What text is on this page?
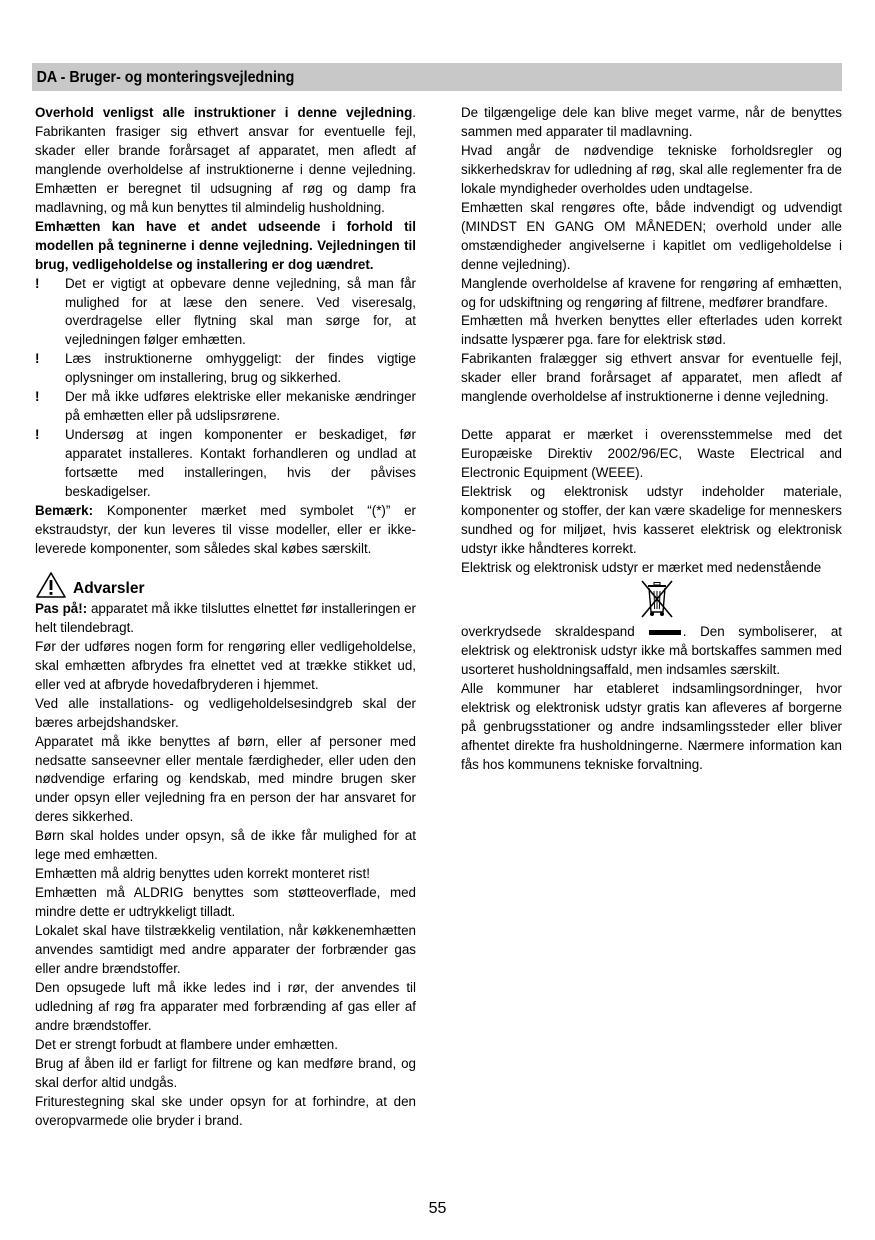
DA - Bruger- og monteringsvejledning

Overhold venligst alle instruktioner i denne vejledning. Fabrikanten frasiger sig ethvert ansvar for eventuelle fejl, skader eller brande forårsaget af apparatet, men afledt af manglende overholdelse af instruktionerne i denne vejledning. Emhætten er beregnet til udsugning af røg og damp fra madlavning, og må kun benyttes til almindelig husholdning.

Emhætten kan have et andet udseende i forhold til modellen på tegninerne i denne vejledning. Vejledningen til brug, vedligeholdelse og installering er dog uændret.

! Det er vigtigt at opbevare denne vejledning, så man får mulighed for at læse den senere. Ved viseresalg, overdragelse eller flytning skal man sørge for, at vejledningen følger emhætten.
! Læs instruktionerne omhyggeligt: der findes vigtige oplysninger om installering, brug og sikkerhed.
! Der må ikke udføres elektriske eller mekaniske ændringer på emhætten eller på udslipsrørene.
! Undersøg at ingen komponenter er beskadiget, før apparatet installeres. Kontakt forhandleren og undlad at fortsætte med installeringen, hvis der påvises beskadigelser.

Bemærk: Komponenter mærket med symbolet “(*)” er ekstraudstyr, der kun leveres til visse modeller, eller er ikke-leverede komponenter, som således skal købes særskilt.

Advarsler

Pas på!: apparatet må ikke tilsluttes elnettet før installeringen er helt tilendebragt.

Før der udføres nogen form for rengøring eller vedligeholdelse, skal emhætten afbrydes fra elnettet ved at trække stikket ud, eller ved at afbryde hovedafbryderen i hjemmet.

Ved alle installations- og vedligeholdelsesindgreb skal der bæres arbejdshandsker.

Apparatet må ikke benyttes af børn, eller af personer med nedsatte sanseevner eller mentale færdigheder, eller uden den nødvendige erfaring og kendskab, med mindre brugen sker under opsyn eller vejledning fra en person der har ansvaret for deres sikkerhed.

Børn skal holdes under opsyn, så de ikke får mulighed for at lege med emhætten.

Emhætten må aldrig benyttes uden korrekt monteret rist!

Emhætten må ALDRIG benyttes som støtteoverflade, med mindre dette er udtrykkeligt tilladt.

Lokalet skal have tilstrækkelig ventilation, når køkkenemhætten anvendes samtidigt med andre apparater der forbrænder gas eller andre brændstoffer.

Den opsugede luft må ikke ledes ind i rør, der anvendes til udledning af røg fra apparater med forbrænding af gas eller af andre brændstoffer.

Det er strengt forbudt at flambere under emhætten.

Brug af åben ild er farligt for filtrene og kan medføre brand, og skal derfor altid undgås.

Friturestegning skal ske under opsyn for at forhindre, at den overopvarmede olie bryder i brand.

De tilgængelige dele kan blive meget varme, når de benyttes sammen med apparater til madlavning.

Hvad angår de nødvendige tekniske forholdsregler og sikkerhedskrav for udledning af røg, skal alle reglementer fra de lokale myndigheder overholdes uden undtagelse.

Emhætten skal rengøres ofte, både indvendigt og udvendigt (MINDST EN GANG OM MÅNEDEN; overhold under alle omstændigheder angivelserne i kapitlet om vedligeholdelse i denne vejledning).

Manglende overholdelse af kravene for rengøring af emhætten, og for udskiftning og rengøring af filtrene, medfører brandfare.

Emhætten må hverken benyttes eller efterlades uden korrekt indsatte lyspærer pga. fare for elektrisk stød.

Fabrikanten fralægger sig ethvert ansvar for eventuelle fejl, skader eller brand forårsaget af apparatet, men afledt af manglende overholdelse af instruktionerne i denne vejledning.

Dette apparat er mærket i overensstemmelse med det Europæiske Direktiv 2002/96/EC, Waste Electrical and Electronic Equipment (WEEE).

Elektrisk og elektronisk udstyr indeholder materiale, komponenter og stoffer, der kan være skadelige for menneskers sundhed og for miljøet, hvis kasseret elektrisk og elektronisk udstyr ikke håndteres korrekt.

Elektrisk og elektronisk udstyr er mærket med nedenstående

overkrydsede skraldespand	. Den symboliserer, at elektrisk og elektronisk udstyr ikke må bortskaffes sammen med usorteret husholdningsaffald, men indsamles særskilt.

Alle kommuner har etableret indsamlingsordninger, hvor elektrisk og elektronisk udstyr gratis kan afleveres af borgerne på genbrugsstationer og andre indsamlingssteder eller bliver afhentet direkte fra husholdningerne. Nærmere information kan fås hos kommunens tekniske forvaltning.

55
